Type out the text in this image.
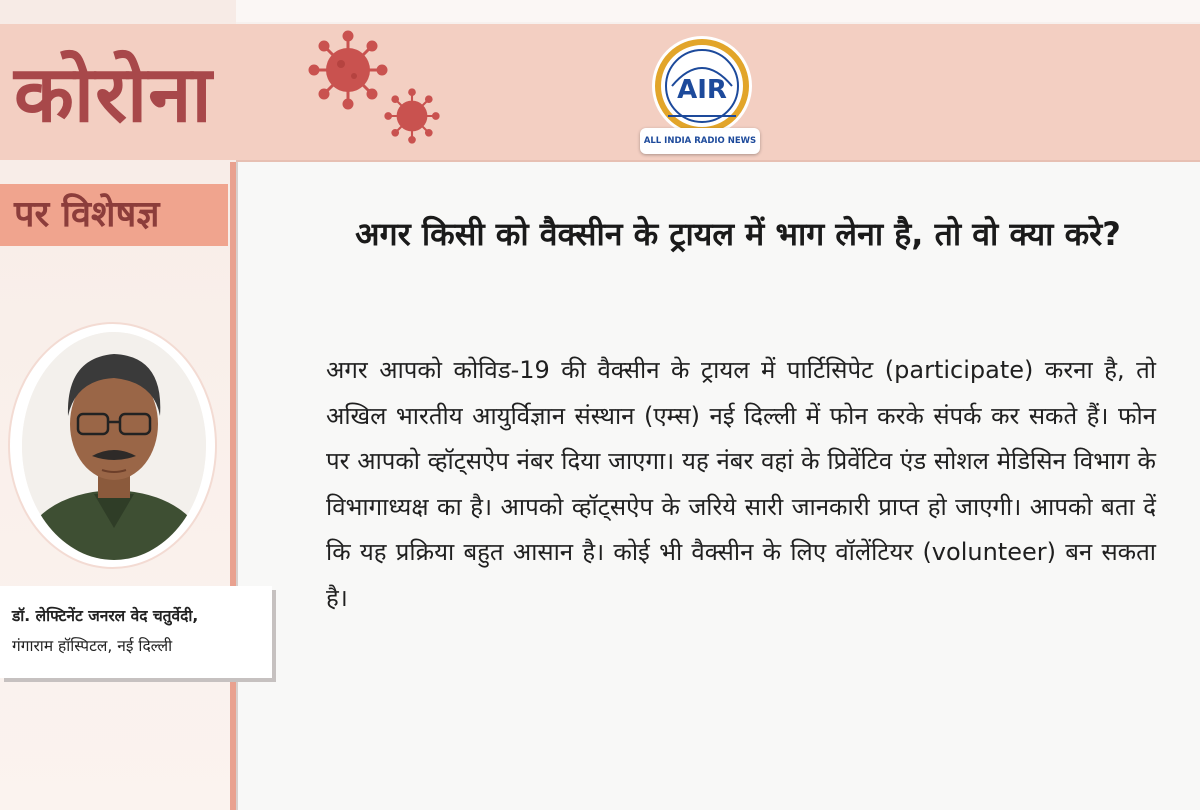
कोरोना	AIR
ALL INDIA RADIO NEWS
पर विशेषज्ञ
डॉ. लेफ्टिनेंट जनरल वेद चतुर्वेदी,
गंगाराम हॉस्पिटल, नई दिल्ली
अगर किसी को वैक्सीन के ट्रायल में भाग लेना है, तो वो क्या करे?
अगर आपको कोविड-19 की वैक्सीन के ट्रायल में पार्टिसिपेट (participate) करना है, तो अखिल भारतीय आयुर्विज्ञान संस्थान (एम्स) नई दिल्ली में फोन करके संपर्क कर सकते हैं। फोन पर आपको व्हॉट्सऐप नंबर दिया जाएगा। यह नंबर वहां के प्रिवेंटिव एंड सोशल मेडिसिन विभाग के विभागाध्यक्ष का है। आपको व्हॉट्सऐप के जरिये सारी जानकारी प्राप्त हो जाएगी। आपको बता दें कि यह प्रक्रिया बहुत आसान है। कोई भी वैक्सीन के लिए वॉलेंटियर (volunteer) बन सकता है।
